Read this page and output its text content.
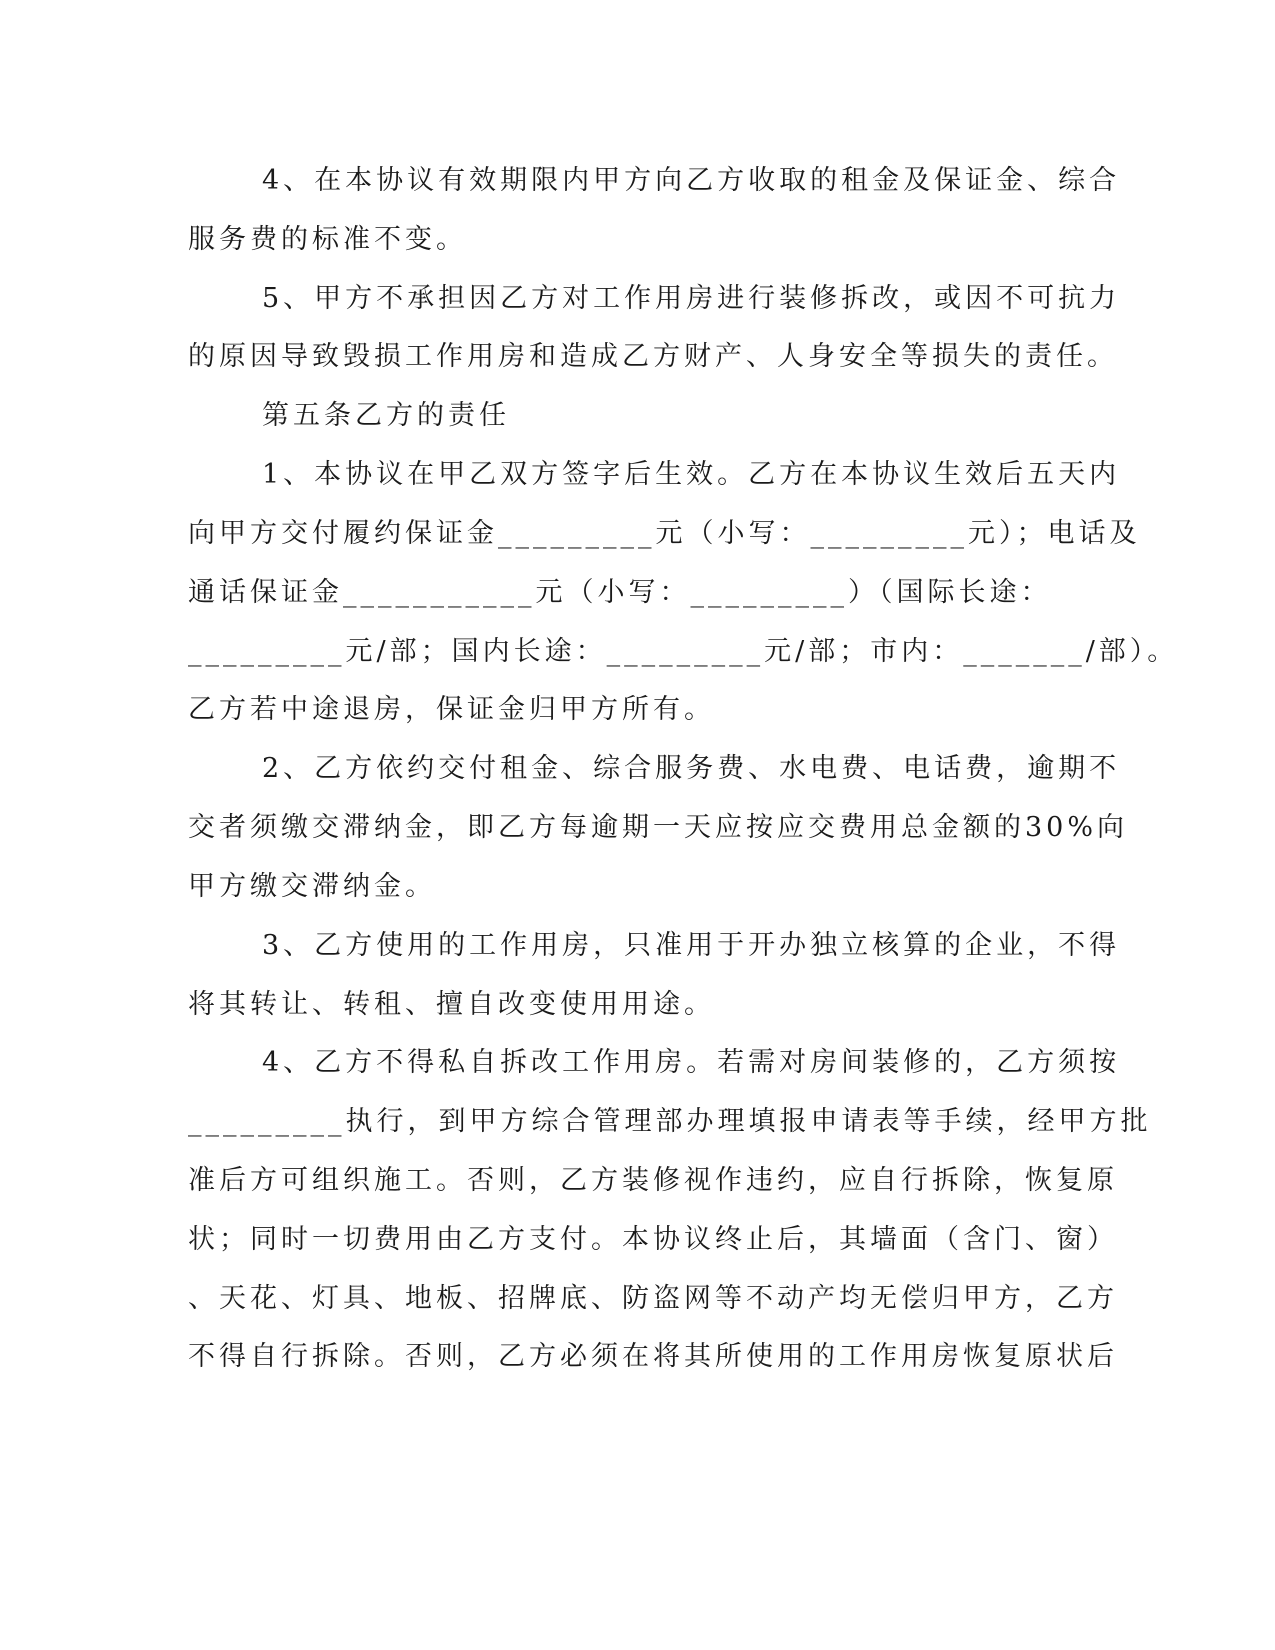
4、在本协议有效期限内甲方向乙方收取的租金及保证金、综合
服务费的标准不变。
5、甲方不承担因乙方对工作用房进行装修拆改，或因不可抗力
的原因导致毁损工作用房和造成乙方财产、人身安全等损失的责任。
第五条乙方的责任
1、本协议在甲乙双方签字后生效。乙方在本协议生效后五天内
向甲方交付履约保证金_________元（小写：_________元）；电话及
通话保证金___________元（小写：_________）（国际长途：
_________元/部；国内长途：_________元/部；市内：_______/部）。
乙方若中途退房，保证金归甲方所有。
2、乙方依约交付租金、综合服务费、水电费、电话费，逾期不
交者须缴交滞纳金，即乙方每逾期一天应按应交费用总金额的30%向
甲方缴交滞纳金。
3、乙方使用的工作用房，只准用于开办独立核算的企业，不得
将其转让、转租、擅自改变使用用途。
4、乙方不得私自拆改工作用房。若需对房间装修的，乙方须按
_________执行，到甲方综合管理部办理填报申请表等手续，经甲方批
准后方可组织施工。否则，乙方装修视作违约，应自行拆除，恢复原
状；同时一切费用由乙方支付。本协议终止后，其墙面（含门、窗）
、天花、灯具、地板、招牌底、防盗网等不动产均无偿归甲方，乙方
不得自行拆除。否则，乙方必须在将其所使用的工作用房恢复原状后
